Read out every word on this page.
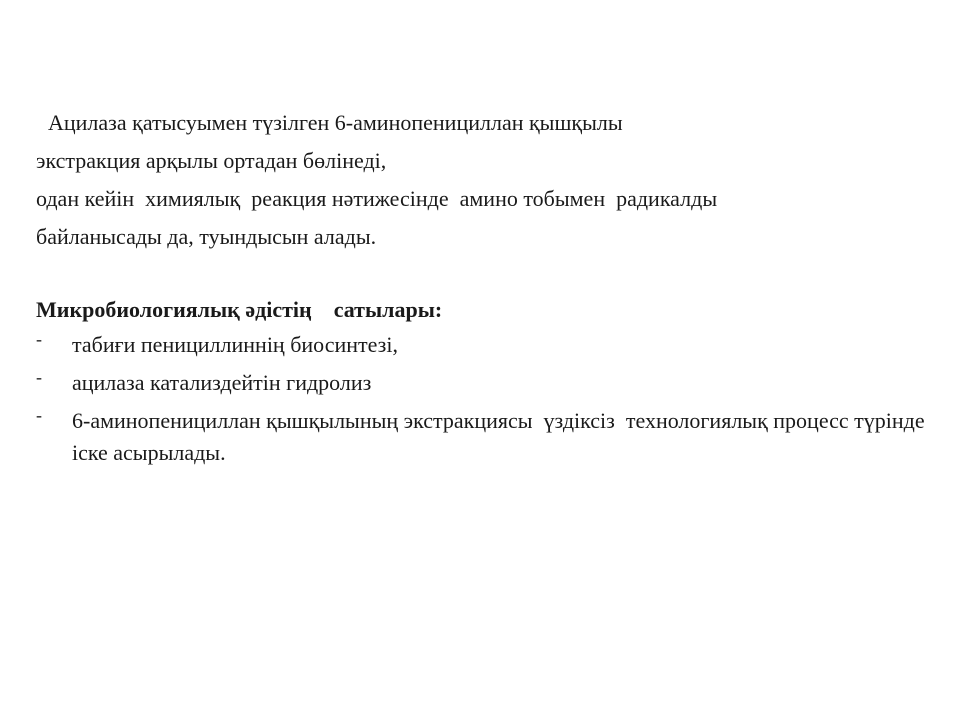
Ацилаза қатысуымен түзілген 6-аминопенициллан қышқылы
экстракция арқылы ортадан бөлінеді,
одан кейін  химиялық  реакция нәтижесінде  амино тобымен  радикалды
байланысады да, туындысын алады.
Микробиологиялық әдістің    сатылары:
- табиғи пенициллиннің биосинтезі,
- ацилаза катализдейтін гидролиз
- 6-аминопенициллан қышқылының экстракциясы  үздіксіз  технологиялық процесс түрінде іске асырылады.
